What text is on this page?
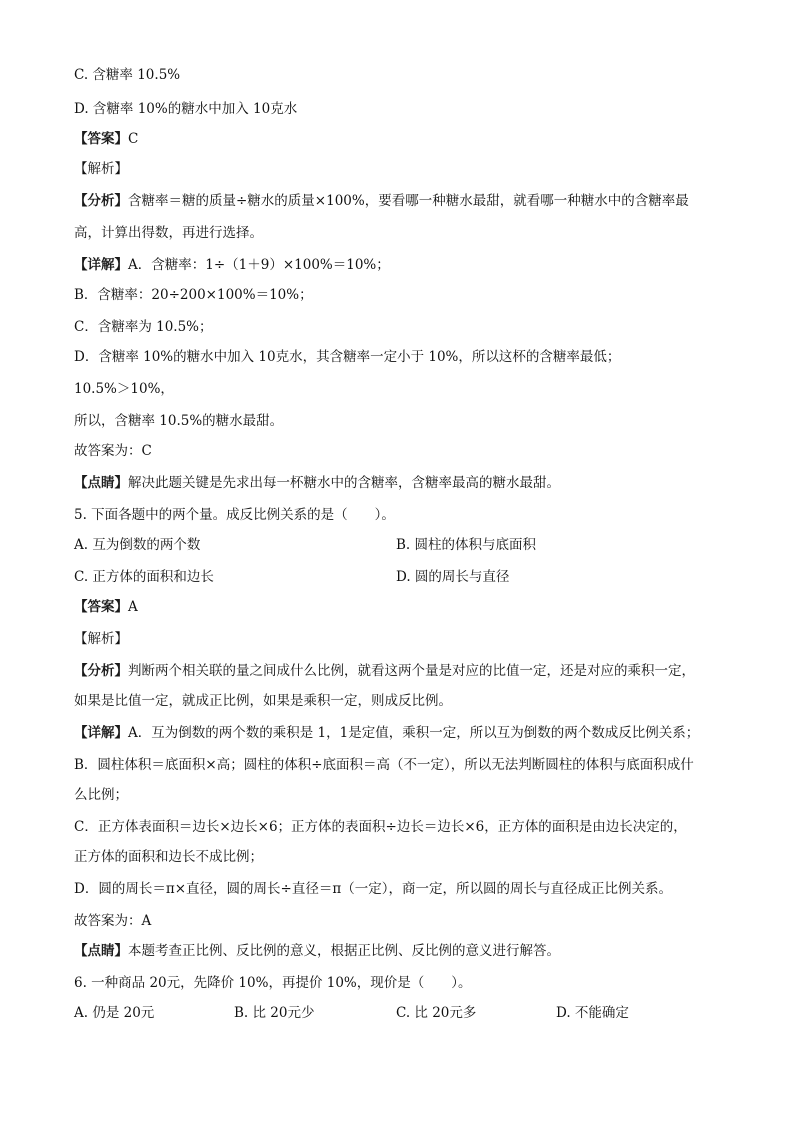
C. 含糖率 10.5%
D. 含糖率 10%的糖水中加入 10克水
【答案】C
【解析】
【分析】含糖率＝糖的质量÷糖水的质量×100%，要看哪一种糖水最甜，就看哪一种糖水中的含糖率最
高，计算出得数，再进行选择。
【详解】A．含糖率：1÷（1＋9）×100%＝10%；
B．含糖率：20÷200×100%＝10%；
C．含糖率为 10.5%；
D．含糖率 10%的糖水中加入 10克水，其含糖率一定小于 10%，所以这杯的含糖率最低；
10.5%＞10%，
所以，含糖率 10.5%的糖水最甜。
故答案为：C
【点睛】解决此题关键是先求出每一杯糖水中的含糖率，含糖率最高的糖水最甜。
5. 下面各题中的两个量。成反比例关系的是（　　）。
A. 互为倒数的两个数	B. 圆柱的体积与底面积
C. 正方体的面积和边长	D. 圆的周长与直径
【答案】A
【解析】
【分析】判断两个相关联的量之间成什么比例，就看这两个量是对应的比值一定，还是对应的乘积一定，
如果是比值一定，就成正比例，如果是乘积一定，则成反比例。
【详解】A．互为倒数的两个数的乘积是 1，1是定值，乘积一定，所以互为倒数的两个数成反比例关系；
B．圆柱体积＝底面积×高；圆柱的体积÷底面积＝高（不一定），所以无法判断圆柱的体积与底面积成什
么比例；
C．正方体表面积＝边长×边长×6；正方体的表面积÷边长＝边长×6，正方体的面积是由边长决定的，
正方体的面积和边长不成比例；
D．圆的周长＝π×直径，圆的周长÷直径＝π（一定），商一定，所以圆的周长与直径成正比例关系。
故答案为：A
【点睛】本题考查正比例、反比例的意义，根据正比例、反比例的意义进行解答。
6. 一种商品 20元，先降价 10%，再提价 10%，现价是（　　）。
A. 仍是 20元	B. 比 20元少	C. 比 20元多	D. 不能确定
